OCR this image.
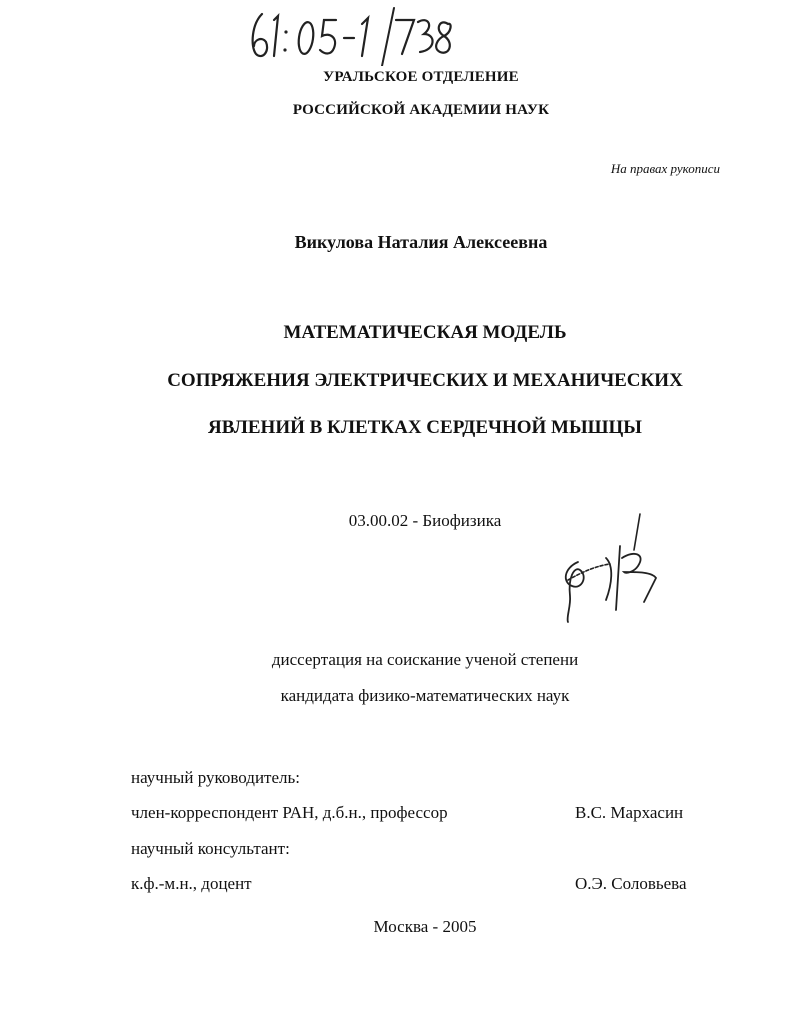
УРАЛЬСКОЕ ОТДЕЛЕНИЕ
РОССИЙСКОЙ АКАДЕМИИ НАУК
На правах рукописи
Викулова Наталия Алексеевна
МАТЕМАТИЧЕСКАЯ МОДЕЛЬ
СОПРЯЖЕНИЯ ЭЛЕКТРИЧЕСКИХ И МЕХАНИЧЕСКИХ
ЯВЛЕНИЙ В КЛЕТКАХ СЕРДЕЧНОЙ МЫШЦЫ
03.00.02 - Биофизика
диссертация на соискание ученой степени
кандидата физико-математических наук
научный руководитель:
член-корреспондент РАН, д.б.н., профессор	В.С. Мархасин
научный консультант:
к.ф.-м.н., доцент	О.Э. Соловьева
Москва - 2005
